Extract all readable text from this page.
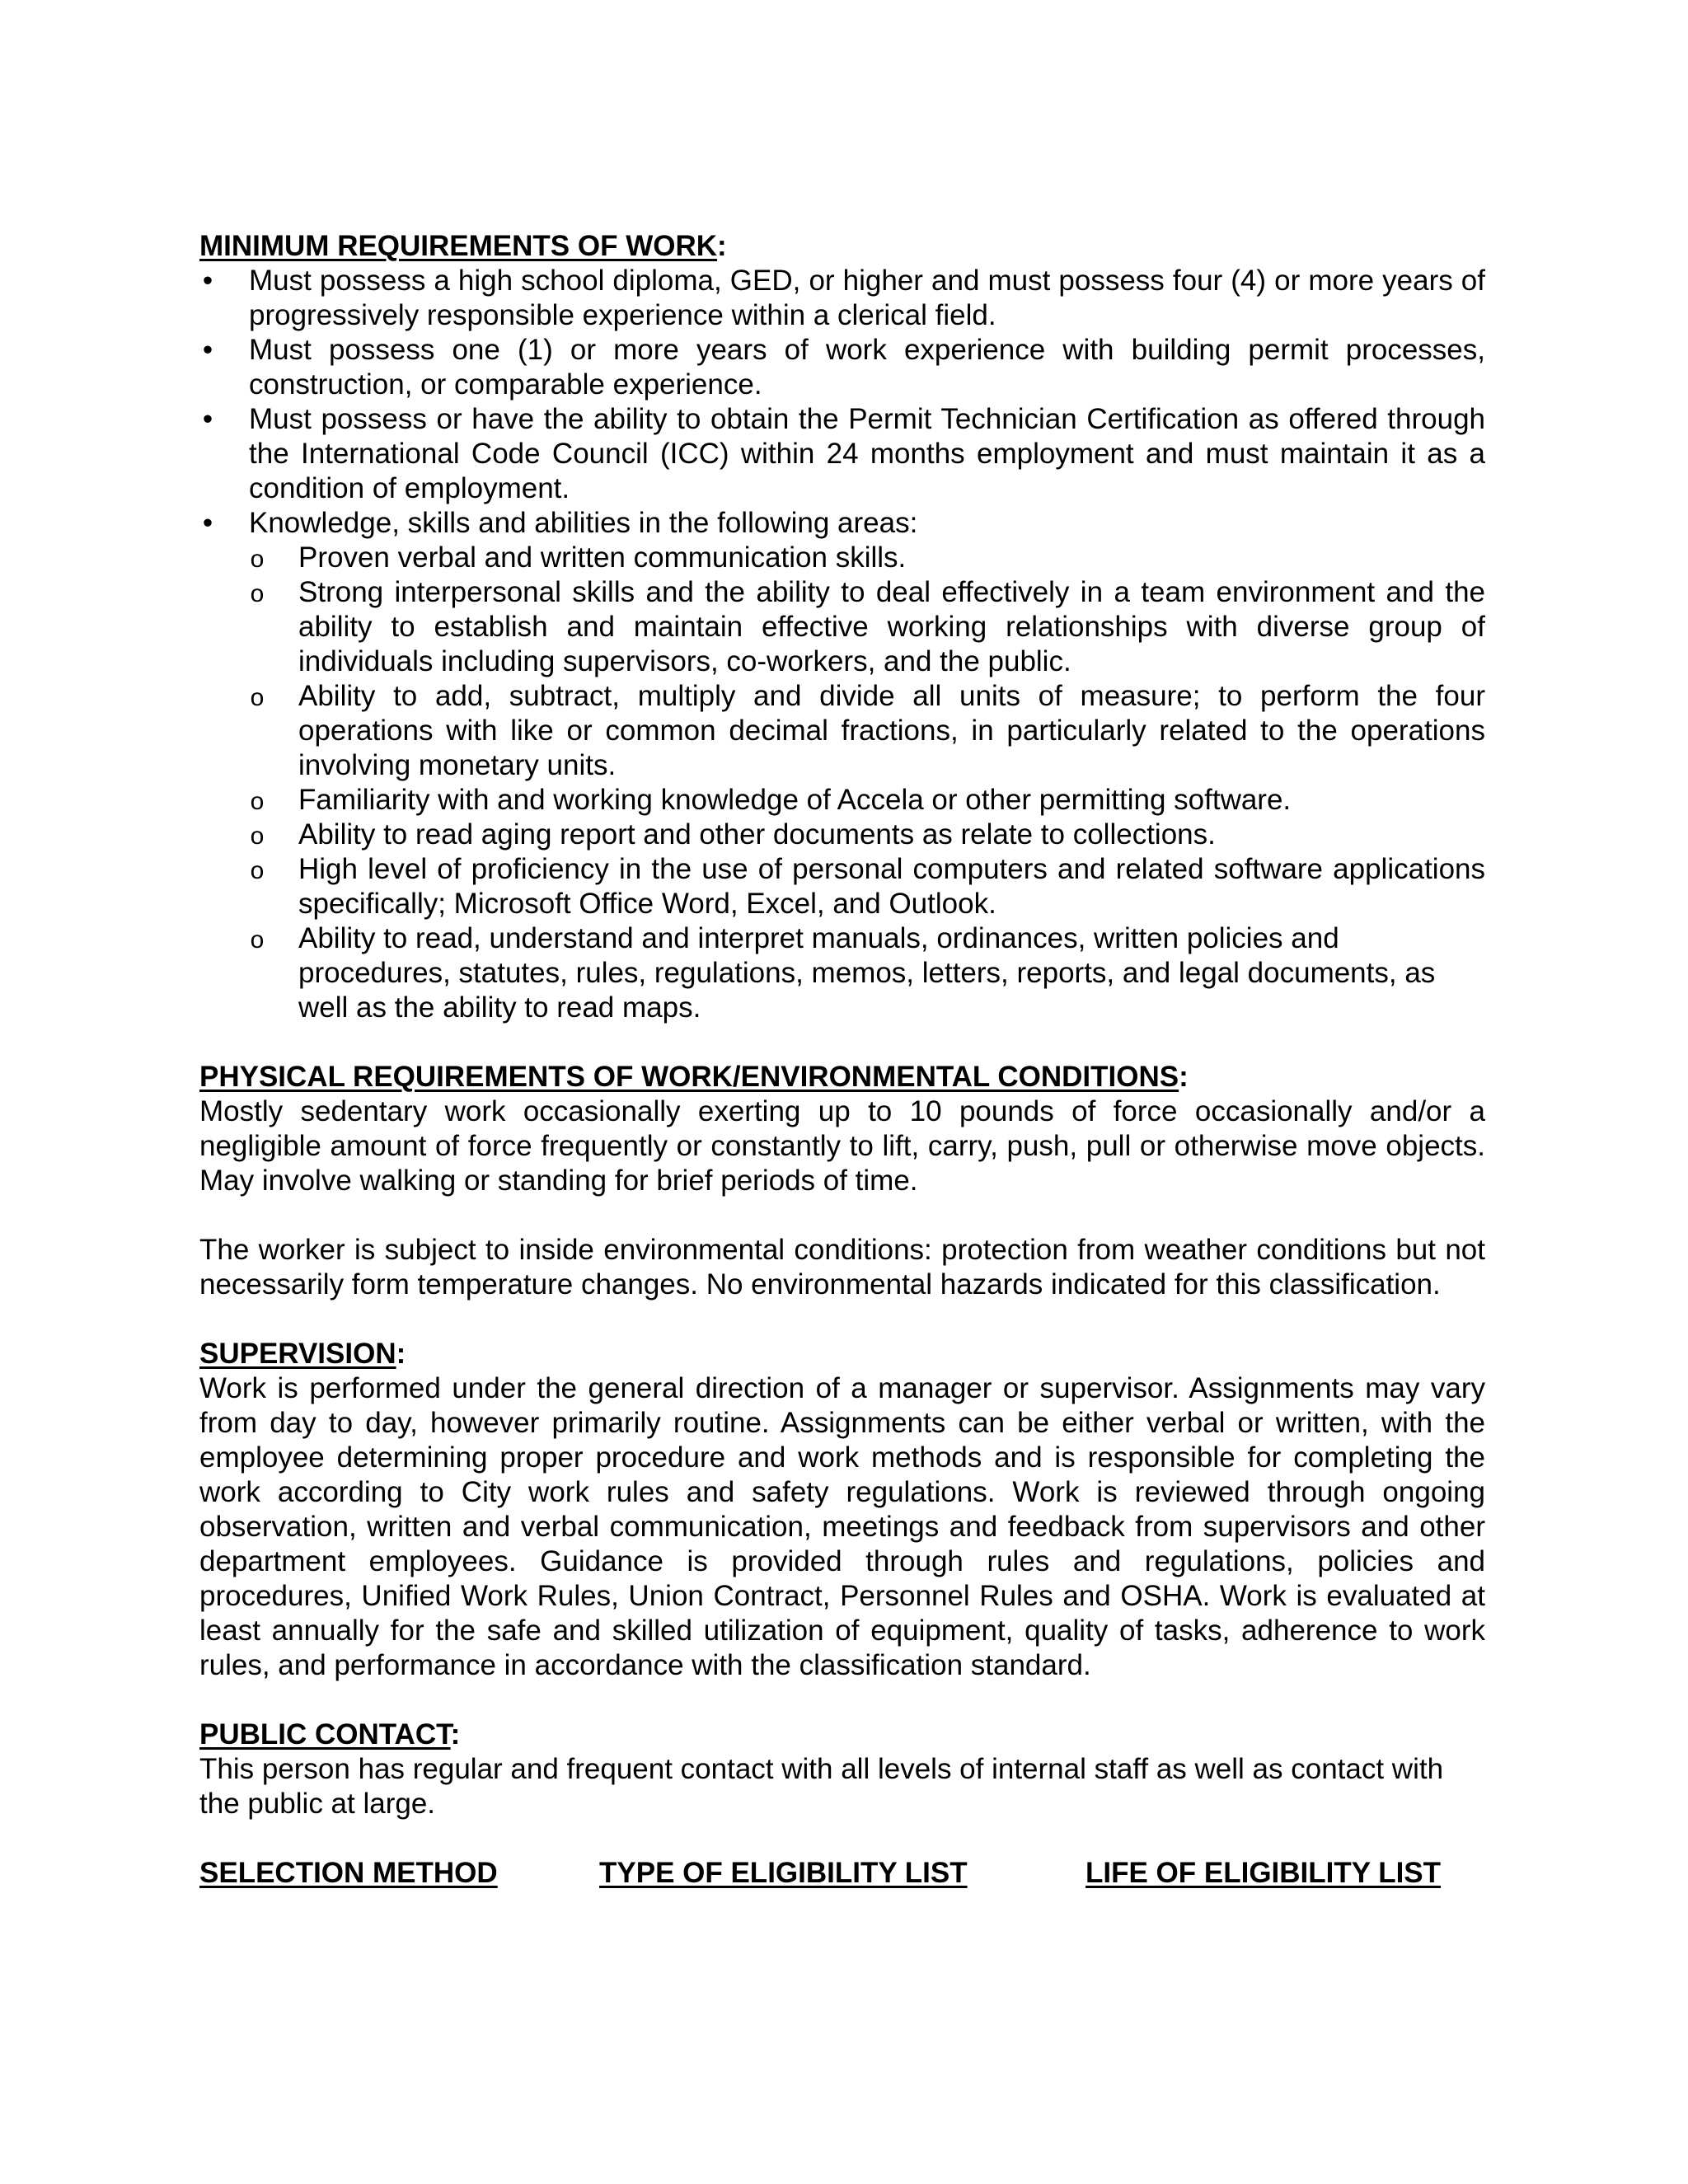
MINIMUM REQUIREMENTS OF WORK:
• Must possess a high school diploma, GED, or higher and must possess four (4) or more years of progressively responsible experience within a clerical field.
• Must possess one (1) or more years of work experience with building permit processes, construction, or comparable experience.
• Must possess or have the ability to obtain the Permit Technician Certification as offered through the International Code Council (ICC) within 24 months employment and must maintain it as a condition of employment.
• Knowledge, skills and abilities in the following areas:
o Proven verbal and written communication skills.
o Strong interpersonal skills and the ability to deal effectively in a team environment and the ability to establish and maintain effective working relationships with diverse group of individuals including supervisors, co-workers, and the public.
o Ability to add, subtract, multiply and divide all units of measure; to perform the four operations with like or common decimal fractions, in particularly related to the operations involving monetary units.
o Familiarity with and working knowledge of Accela or other permitting software.
o Ability to read aging report and other documents as relate to collections.
o High level of proficiency in the use of personal computers and related software applications specifically; Microsoft Office Word, Excel, and Outlook.
o Ability to read, understand and interpret manuals, ordinances, written policies and procedures, statutes, rules, regulations, memos, letters, reports, and legal documents, as well as the ability to read maps.
PHYSICAL REQUIREMENTS OF WORK/ENVIRONMENTAL CONDITIONS:

Mostly sedentary work occasionally exerting up to 10 pounds of force occasionally and/or a negligible amount of force frequently or constantly to lift, carry, push, pull or otherwise move objects. May involve walking or standing for brief periods of time.

The worker is subject to inside environmental conditions: protection from weather conditions but not necessarily form temperature changes. No environmental hazards indicated for this classification.

SUPERVISION:

Work is performed under the general direction of a manager or supervisor. Assignments may vary from day to day, however primarily routine. Assignments can be either verbal or written, with the employee determining proper procedure and work methods and is responsible for completing the work according to City work rules and safety regulations. Work is reviewed through ongoing observation, written and verbal communication, meetings and feedback from supervisors and other department employees. Guidance is provided through rules and regulations, policies and procedures, Unified Work Rules, Union Contract, Personnel Rules and OSHA. Work is evaluated at least annually for the safe and skilled utilization of equipment, quality of tasks, adherence to work rules, and performance in accordance with the classification standard.

PUBLIC CONTACT:

This person has regular and frequent contact with all levels of internal staff as well as contact with the public at large.

SELECTION METHOD	TYPE OF ELIGIBILITY LIST	LIFE OF ELIGIBILITY LIST
